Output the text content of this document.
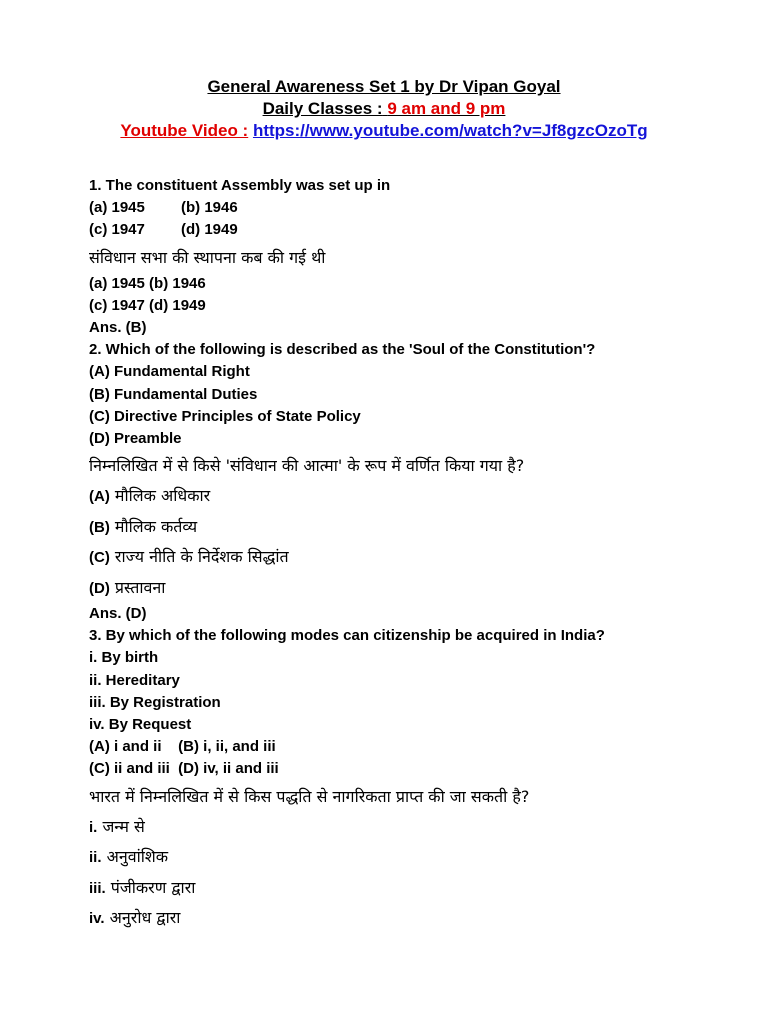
General Awareness Set 1 by Dr Vipan Goyal
Daily Classes : 9 am and 9 pm
Youtube Video : https://www.youtube.com/watch?v=Jf8gzcOzoTg
1. The constituent Assembly was set up in
(a) 1945 (b) 1946
(c) 1947 (d) 1949
संविधान सभा की स्थापना कब की गई थी
(a) 1945 (b) 1946
(c) 1947 (d) 1949
Ans. (B)
2. Which of the following is described as the 'Soul of the Constitution'?
(A) Fundamental Right
(B) Fundamental Duties
(C) Directive Principles of State Policy
(D) Preamble
निम्नलिखित में से किसे 'संविधान की आत्मा' के रूप में वर्णित किया गया है?
(A) मौलिक अधिकार
(B) मौलिक कर्तव्य
(C) राज्य नीति के निर्देशक सिद्धांत
(D) प्रस्तावना
Ans. (D)
3. By which of the following modes can citizenship be acquired in India?
i. By birth
ii. Hereditary
iii. By Registration
iv. By Request
(A) i and ii    (B) i, ii, and iii
(C) ii and iii  (D) iv, ii and iii
भारत में निम्नलिखित में से किस पद्धति से नागरिकता प्राप्त की जा सकती है?
i. जन्म से
ii. अनुवांशिक
iii. पंजीकरण द्वारा
iv. अनुरोध द्वारा
